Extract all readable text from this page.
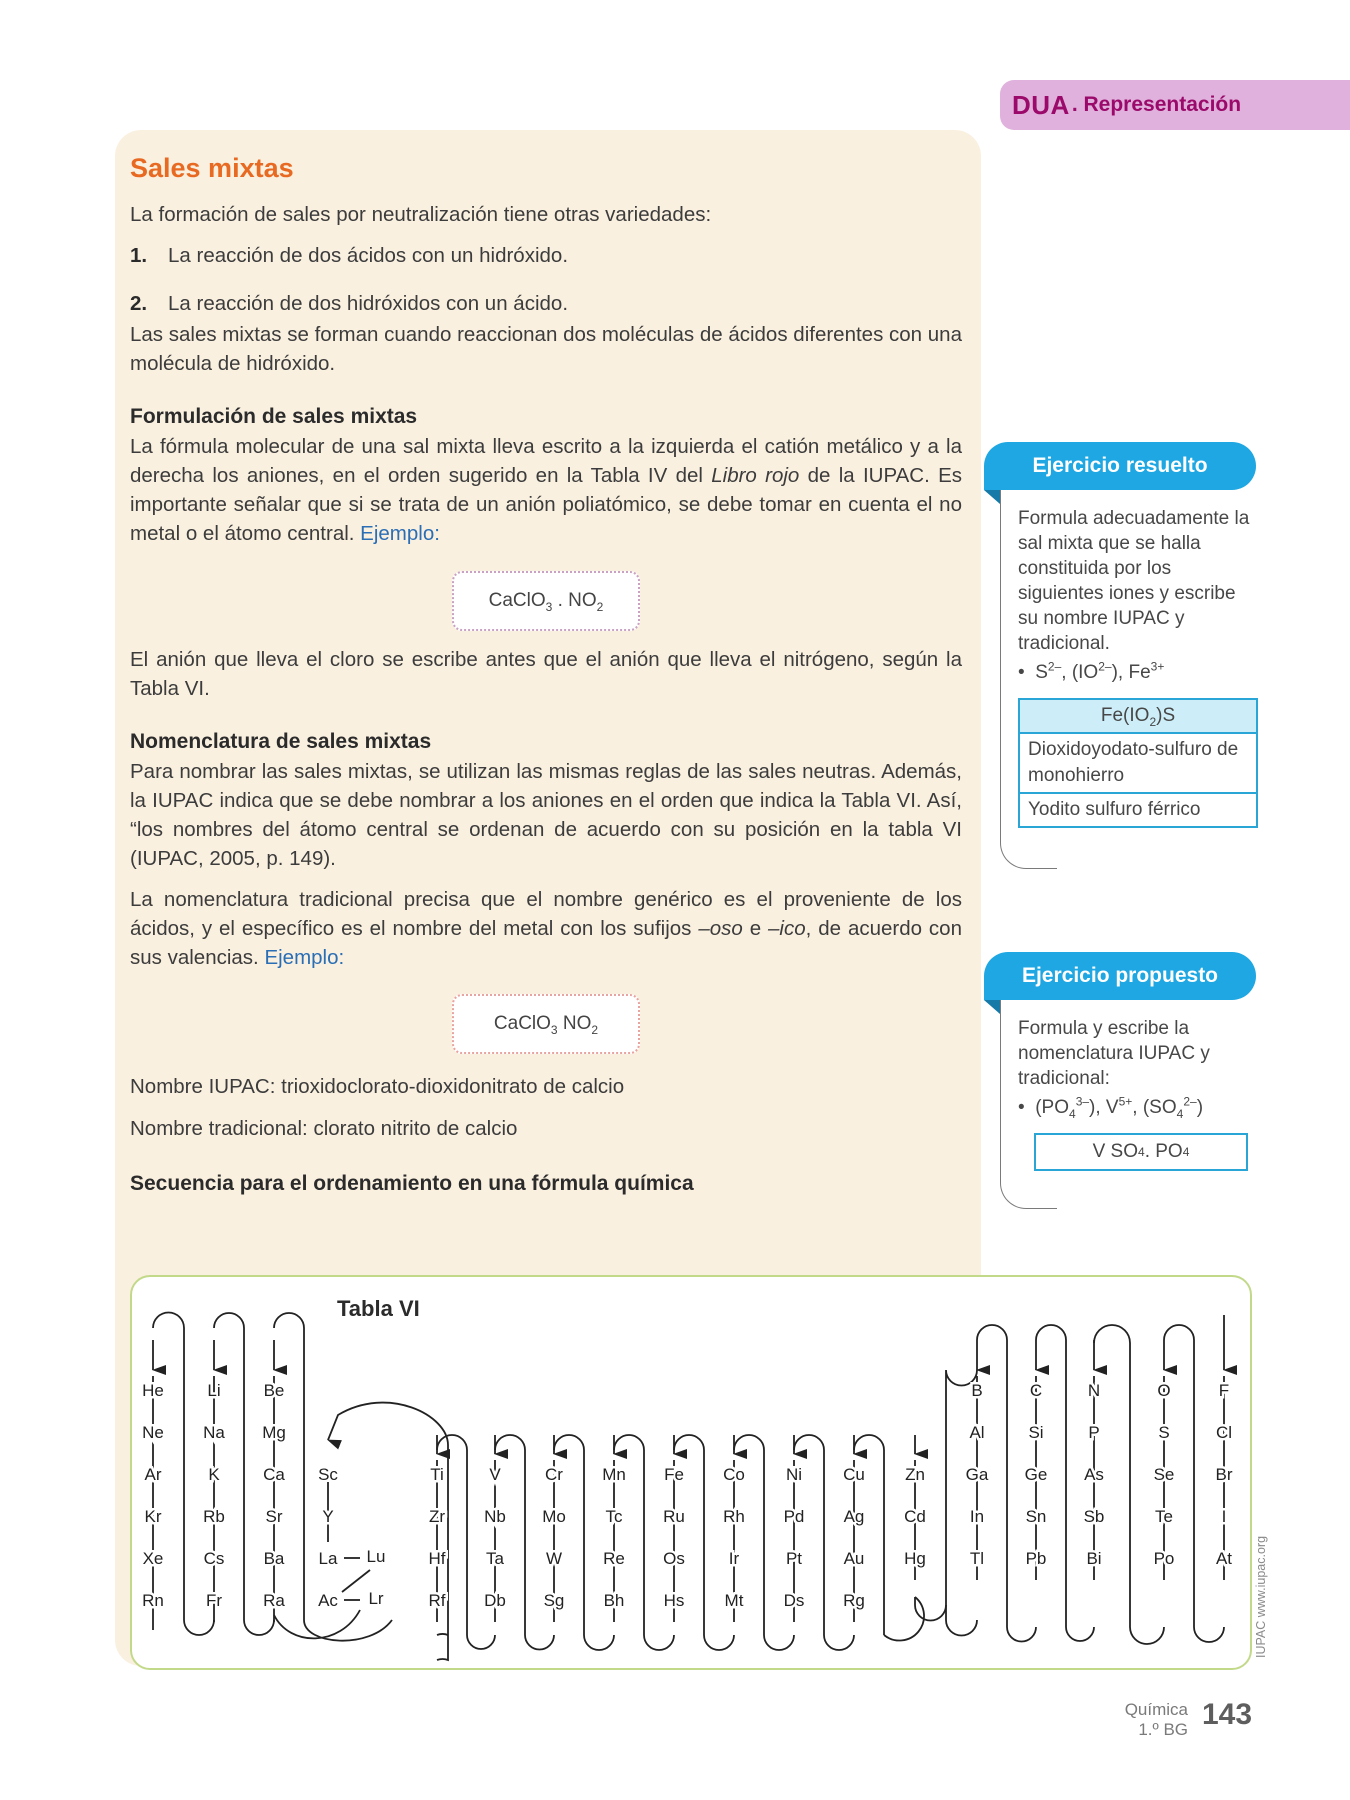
DUA . Representación
Sales mixtas

La formación de sales por neutralización tiene otras variedades:

1.	La reacción de dos ácidos con un hidróxido.
2.	La reacción de dos hidróxidos con un ácido.

Las sales mixtas se forman cuando reaccionan dos moléculas de ácidos diferentes con una molécula de hidróxido.

Formulación de sales mixtas

La fórmula molecular de una sal mixta lleva escrito a la izquierda el catión metálico y a la derecha los aniones, en el orden sugerido en la Tabla IV del Libro rojo de la IUPAC. Es importante señalar que si se trata de un anión poliatómico, se debe tomar en cuenta el no metal o el átomo central. Ejemplo:

CaClO$_3$ . $NO_2$

El anión que lleva el cloro se escribe antes que el anión que lleva el nitrógeno, según la Tabla VI.

Nomenclatura de sales mixtas

Para nombrar las sales mixtas, se utilizan las mismas reglas de las sales neutras. Además, la IUPAC indica que se debe nombrar a los aniones en el orden que indica la Tabla VI. Así, “los nombres del átomo central se ordenan de acuerdo con su posición en la tabla VI (IUPAC, 2005, p. 149).

La nomenclatura tradicional precisa que el nombre genérico es el proveniente de los ácidos, y el específico es el nombre del metal con los sufijos –oso e –ico, de acuerdo con sus valencias. Ejemplo:

CaClO$_3$ $NO_2$

Nombre IUPAC: trioxidoclorato-dioxidonitrato de calcio

Nombre tradicional: clorato nitrito de calcio

Secuencia para el ordenamiento en una fórmula química
Ejercicio resuelto
Formula adecuadamente la sal mixta que se halla constituida por los siguientes iones y escribe su nombre IUPAC y tradicional.
•  $S^{2-}$, $(IO^{2-})$, $Fe^{3+}$
$Fe(IO_2)S$
Dioxidoyodato-sulfuro de monohierro
Yodito sulfuro férrico
Ejercicio propuesto
Formula y escribe la nomenclatura IUPAC y tradicional:
•  $(PO_4^{3-})$, $V^{5+}$, $(SO_4^{2-})$
V SO 4 . PO 4
Tabla VI
He
Ne
Ar
Kr
Xe
Rn
Li
Na
K
Rb
Cs
Fr
Be
Mg
Ca
Sr
Ba
Ra
Sc
Y
La
Ac
Ti
Zr
Hf
Rf
V
Nb
Ta
Db
Cr
Mo
W
Sg
Mn
Tc
Re
Bh
Fe
Ru
Os
Hs
Co
Rh
Ir
Mt
Ni
Pd
Pt
Ds
Cu
Ag
Au
Rg
Zn
Cd
Hg
B
Al
Ga
In
Tl
C
Si
Ge
Sn
Pb
N
P
As
Sb
Bi
O
S
Se
Te
Po
F
Cl
Br
I
At
Lu
Lr	IUPAC www.iupac.org
Química
1.º BG 143
